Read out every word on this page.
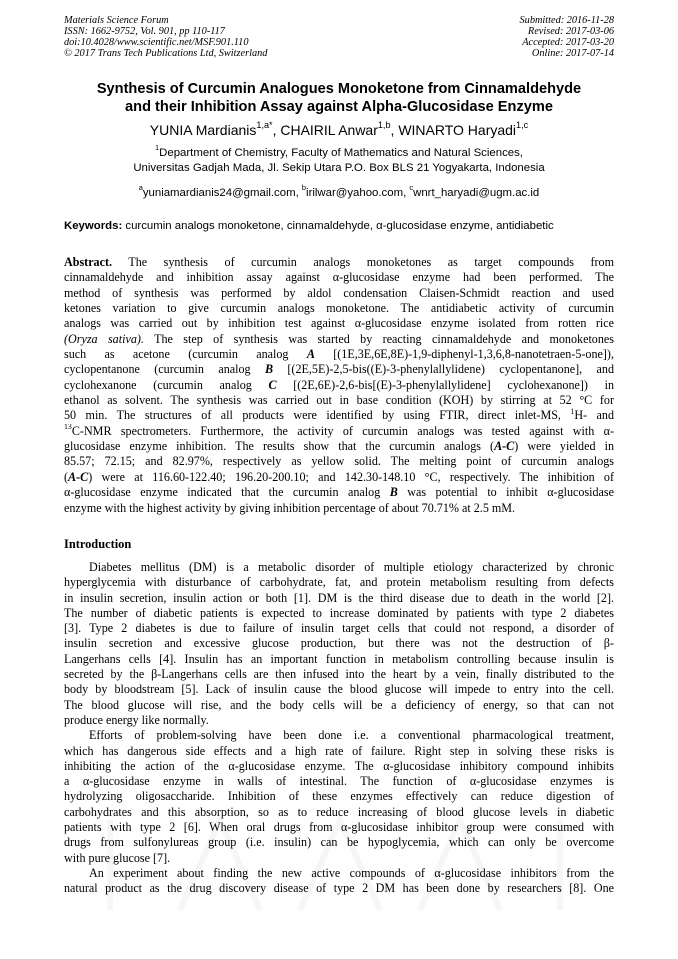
Materials Science Forum
ISSN: 1662-9752, Vol. 901, pp 110-117
doi:10.4028/www.scientific.net/MSF.901.110
© 2017 Trans Tech Publications Ltd, Switzerland
Submitted: 2016-11-28
Revised: 2017-03-06
Accepted: 2017-03-20
Online: 2017-07-14
Synthesis of Curcumin Analogues Monoketone from Cinnamaldehyde
and their Inhibition Assay against Alpha-Glucosidase Enzyme
YUNIA Mardianis$^{1,a*}$, CHAIRIL Anwar$^{1,b}$, WINARTO Haryadi$^{1,c}$
$^1$Department of Chemistry, Faculty of Mathematics and Natural Sciences,
Universitas Gadjah Mada, Jl. Sekip Utara P.O. Box BLS 21 Yogyakarta, Indonesia
$^a$yuniamardianis24@gmail.com, $^b$irilwar@yahoo.com, $^c$wnrt_haryadi@ugm.ac.id
Keywords: curcumin analogs monoketone, cinnamaldehyde, α-glucosidase enzyme, antidiabetic
Abstract. The synthesis of curcumin analogs monoketones as target compounds from
cinnamaldehyde and inhibition assay against α-glucosidase enzyme had been performed. The
method of synthesis was performed by aldol condensation Claisen-Schmidt reaction and used
ketones variation to give curcumin analogs monoketone. The antidiabetic activity of curcumin
analogs was carried out by inhibition test against α-glucosidase enzyme isolated from rotten rice
(Oryza sativa). The step of synthesis was started by reacting cinnamaldehyde and monoketones
such as acetone (curcumin analog A [(1E,3E,6E,8E)-1,9-diphenyl-1,3,6,8-nanotetraen-5-one]),
cyclopentanone (curcumin analog B [(2E,5E)-2,5-bis((E)-3-phenylallylidene) cyclopentanone], and
cyclohexanone (curcumin analog C [(2E,6E)-2,6-bis[(E)-3-phenylallylidene] cyclohexanone]) in
ethanol as solvent. The synthesis was carried out in base condition (KOH) by stirring at 52 °C for
50 min. The structures of all products were identified by using FTIR, direct inlet-MS, $^1$H- and
$^{13}$C-NMR spectrometers. Furthermore, the activity of curcumin analogs was tested against with α-
glucosidase enzyme inhibition. The results show that the curcumin analogs (A-C) were yielded in
85.57; 72.15; and 82.97%, respectively as yellow solid. The melting point of curcumin analogs
(A-C) were at 116.60-122.40; 196.20-200.10; and 142.30-148.10 °C, respectively. The inhibition of
α-glucosidase enzyme indicated that the curcumin analog B was potential to inhibit α-glucosidase
enzyme with the highest activity by giving inhibition percentage of about 70.71% at 2.5 mM.
Introduction
Diabetes mellitus (DM) is a metabolic disorder of multiple etiology characterized by chronic
hyperglycemia with disturbance of carbohydrate, fat, and protein metabolism resulting from defects
in insulin secretion, insulin action or both [1]. DM is the third disease due to death in the world [2].
The number of diabetic patients is expected to increase dominated by patients with type 2 diabetes
[3]. Type 2 diabetes is due to failure of insulin target cells that could not respond, a disorder of
insulin secretion and excessive glucose production, but there was not the destruction of β-
Langerhans cells [4]. Insulin has an important function in metabolism controlling because insulin is
secreted by the β-Langerhans cells are then infused into the heart by a vein, finally distributed to the
body by bloodstream [5]. Lack of insulin cause the blood glucose will impede to entry into the cell.
The blood glucose will rise, and the body cells will be a deficiency of energy, so that can not
produce energy like normally.
Efforts of problem-solving have been done i.e. a conventional pharmacological treatment,
which has dangerous side effects and a high rate of failure. Right step in solving these risks is
inhibiting the action of the α-glucosidase enzyme. The α-glucosidase inhibitory compound inhibits
a α-glucosidase enzyme in walls of intestinal. The function of α-glucosidase enzymes is
hydrolyzing oligosaccharide. Inhibition of these enzymes effectively can reduce digestion of
carbohydrates and this absorption, so as to reduce increasing of blood glucose levels in diabetic
patients with type 2 [6]. When oral drugs from α-glucosidase inhibitor group were consumed with
drugs from sulfonylureas group (i.e. insulin) can be hypoglycemia, which can only be overcome
with pure glucose [7].
An experiment about finding the new active compounds of α-glucosidase inhibitors from the
natural product as the drug discovery disease of type 2 DM has been done by researchers [8]. One
